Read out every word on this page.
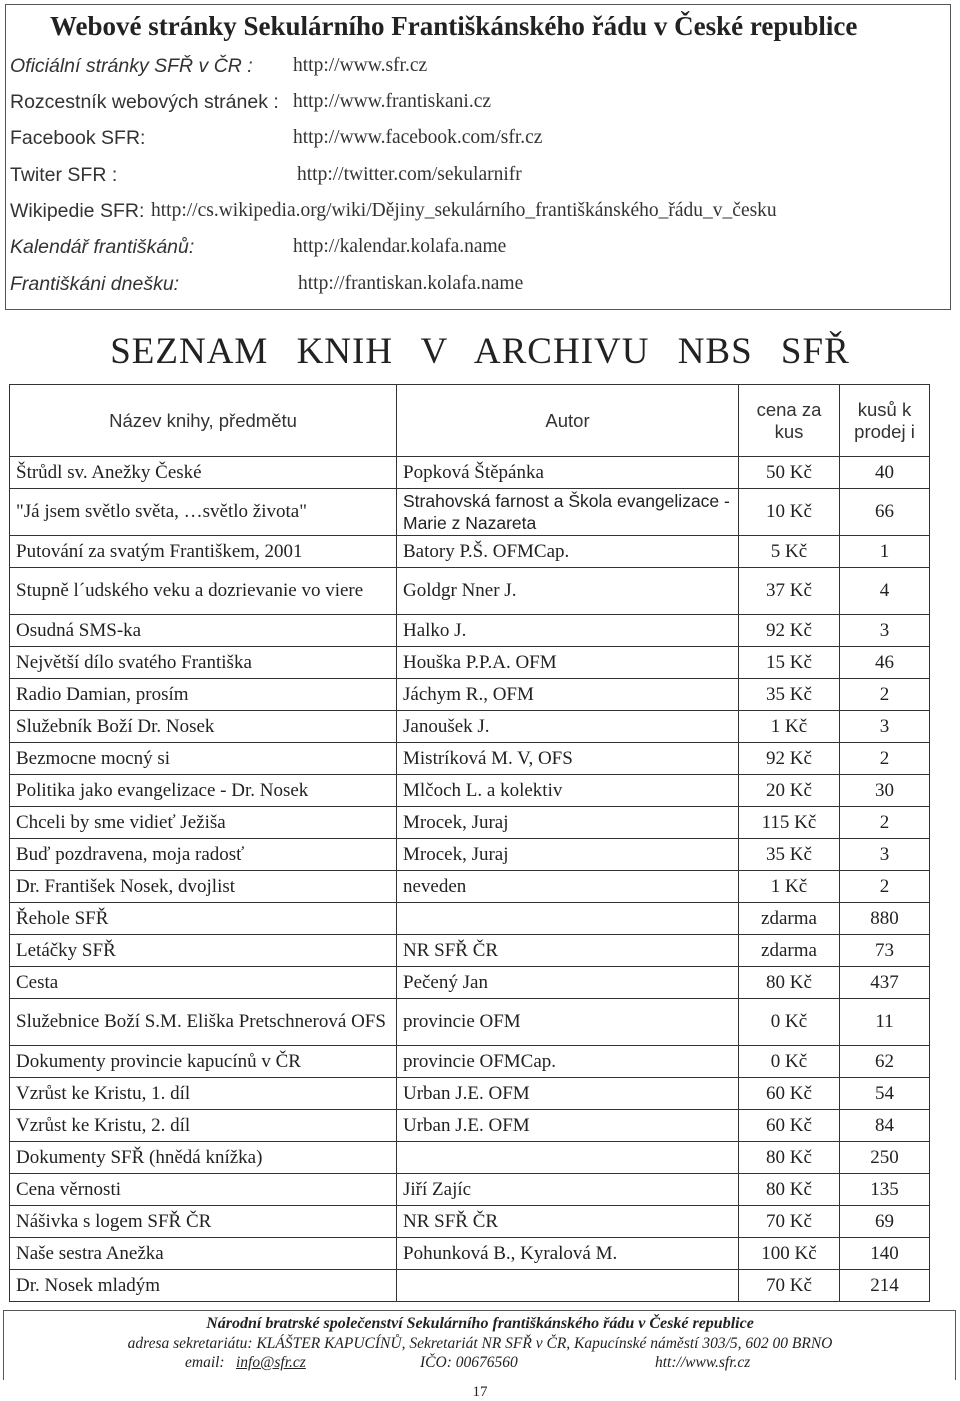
Webové stránky Sekulárního Františkánského řádu v České republice
Oficiální stránky SFŘ v ČR : http://www.sfr.cz
Rozcestník webových stránek : http://www.frantiskani.cz
Facebook SFR:	http://www.facebook.com/sfr.cz
Twiter SFR :	http://twitter.com/sekularnifr
Wikipedie SFR: http://cs.wikipedia.org/wiki/Dějiny_sekulárního_františkánského_řádu_v_česku
Kalendář františkánů:	http://kalendar.kolafa.name
Františkáni dnešku:	http://frantiskan.kolafa.name
SEZNAM KNIH V ARCHIVU NBS SFŘ
Název knihy, předmětu	Autor	cena za kus	kusů k prodej i
Štrůdl sv. Anežky České	Popková Štěpánka	50 Kč	40
"Já jsem světlo světa, …světlo života"	Strahovská farnost a Škola evangelizace - Marie z Nazareta	10 Kč	66
Putování za svatým Františkem, 2001	Batory P.Š. OFMCap.	5 Kč	1
Stupně l´udského veku a dozrievanie vo viere	Goldgr Nner J.	37 Kč	4
Osudná SMS-ka	Halko J.	92 Kč	3
Největší dílo svatého Františka	Houška P.P.A. OFM	15 Kč	46
Radio Damian, prosím	Jáchym R., OFM	35 Kč	2
Služebník Boží Dr. Nosek	Janoušek J.	1 Kč	3
Bezmocne mocný si	Mistríková M. V, OFS	92 Kč	2
Politika jako evangelizace - Dr. Nosek	Mlčoch L. a kolektiv	20 Kč	30
Chceli by sme vidieť Ježiša	Mrocek, Juraj	115 Kč	2
Buď pozdravena, moja radosť	Mrocek, Juraj	35 Kč	3
Dr. František Nosek, dvojlist	neveden	1 Kč	2
Řehole SFŘ		zdarma	880
Letáčky SFŘ	NR SFŘ ČR	zdarma	73
Cesta	Pečený Jan	80 Kč	437
Služebnice Boží S.M. Eliška Pretschnerová OFS	provincie OFM	0 Kč	11
Dokumenty provincie kapucínů v ČR	provincie OFMCap.	0 Kč	62
Vzrůst ke Kristu, 1. díl	Urban J.E. OFM	60 Kč	54
Vzrůst ke Kristu, 2. díl	Urban J.E. OFM	60 Kč	84
Dokumenty SFŘ (hnědá knížka)		80 Kč	250
Cena věrnosti	Jiří Zajíc	80 Kč	135
Nášivka s logem SFŘ ČR	NR SFŘ ČR	70 Kč	69
Naše sestra Anežka	Pohunková B., Kyralová M.	100 Kč	140
Dr. Nosek mladým		70 Kč	214
Národní bratrské společenství Sekulárního františkánského řádu v České republice
adresa sekretariátu: KLÁŠTER KAPUCÍNŮ, Sekretariát NR SFŘ v ČR, Kapucínské náměstí 303/5, 602 00 BRNO
email: info@sfr.cz	IČO: 00676560	htt://www.sfr.cz
17
